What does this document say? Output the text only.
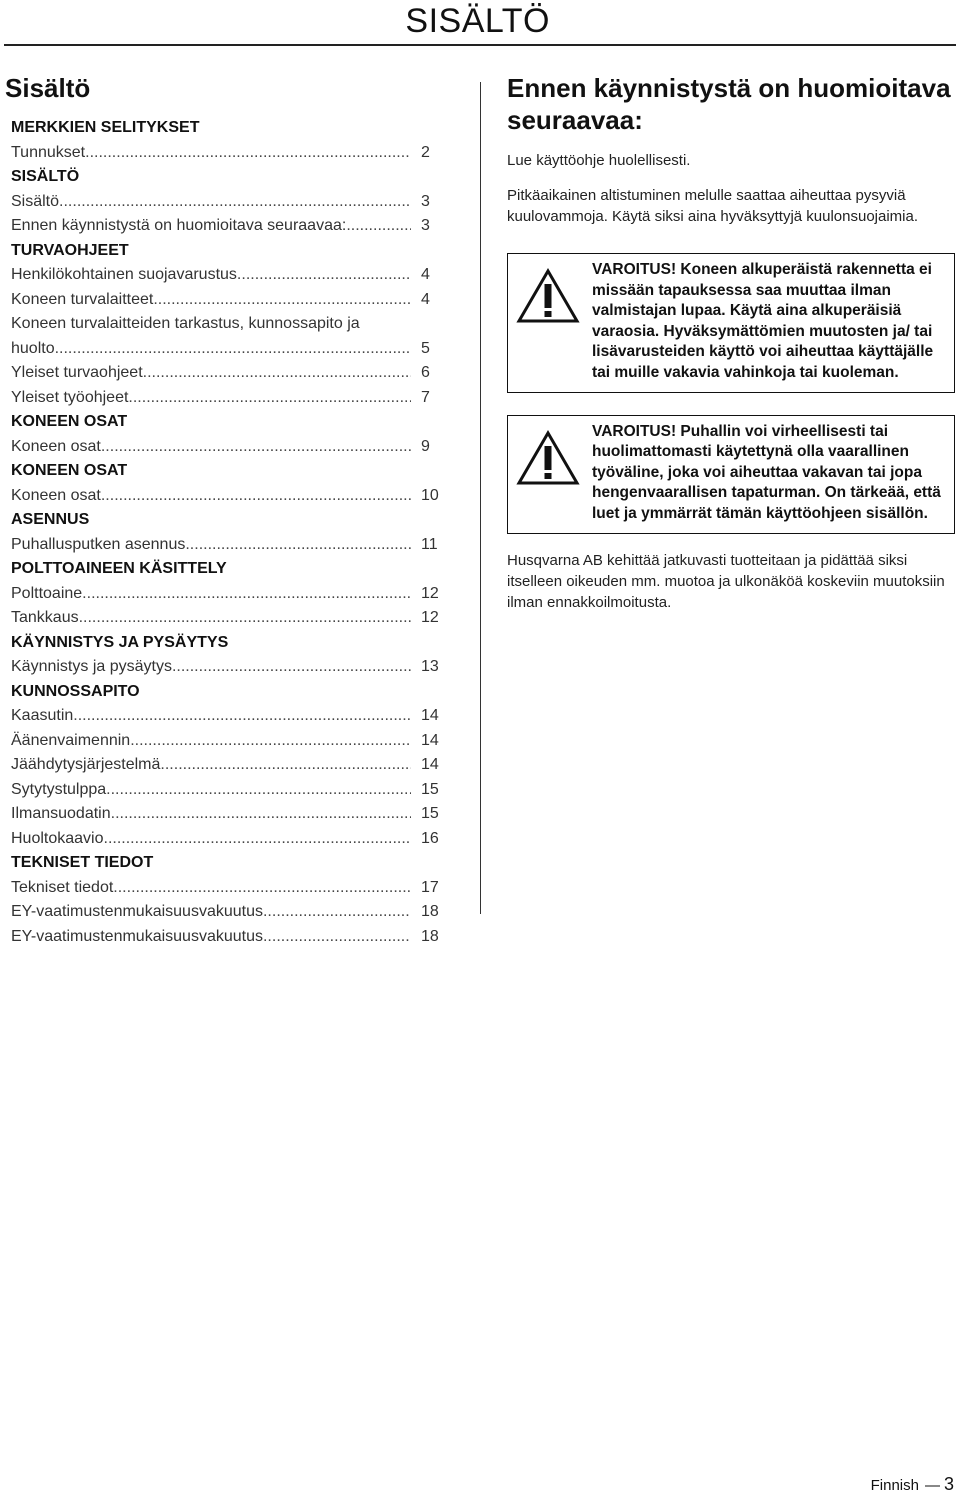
SISÄLTÖ
Sisältö
MERKKIEN SELITYKSET
Tunnukset .....	2
SISÄLTÖ
Sisältö .....	3
Ennen käynnistystä on huomioitava seuraavaa: .....	3
TURVAOHJEET
Henkilökohtainen suojavarustus .....	4
Koneen turvalaitteet .....	4
Koneen turvalaitteiden tarkastus, kunnossapito ja
huolto .....	5
Yleiset turvaohjeet .....	6
Yleiset työohjeet .....	7
KONEEN OSAT
Koneen osat .....	9
KONEEN OSAT
Koneen osat .....	10
ASENNUS
Puhallusputken asennus .....	11
POLTTOAINEEN KÄSITTELY
Polttoaine .....	12
Tankkaus .....	12
KÄYNNISTYS JA PYSÄYTYS
Käynnistys ja pysäytys .....	13
KUNNOSSAPITO
Kaasutin .....	14
Äänenvaimennin .....	14
Jäähdytysjärjestelmä .....	14
Sytytystulppa .....	15
Ilmansuodatin .....	15
Huoltokaavio .....	16
TEKNISET TIEDOT
Tekniset tiedot .....	17
EY-vaatimustenmukaisuusvakuutus .....	18
EY-vaatimustenmukaisuusvakuutus .....	18
Ennen käynnistystä on huomioitava seuraavaa:

Lue käyttöohje huolellisesti.

Pitkäaikainen altistuminen melulle saattaa aiheuttaa pysyviä kuulovammoja. Käytä siksi aina hyväksyttyjä kuulonsuojaimia.

VAROITUS! Koneen alkuperäistä rakennetta ei missään tapauksessa saa muuttaa ilman valmistajan lupaa. Käytä aina alkuperäisiä varaosia. Hyväksymättömien muutosten ja/ tai lisävarusteiden käyttö voi aiheuttaa käyttäjälle tai muille vakavia vahinkoja tai kuoleman.
VAROITUS! Puhallin voi virheellisesti tai huolimattomasti käytettynä olla vaarallinen työväline, joka voi aiheuttaa vakavan tai jopa hengenvaarallisen tapaturman. On tärkeää, että luet ja ymmärrät tämän käyttöohjeen sisällön.

Husqvarna AB kehittää jatkuvasti tuotteitaan ja pidättää siksi itselleen oikeuden mm. muotoa ja ulkonäköä koskeviin muutoksiin ilman ennakkoilmoitusta.

Finnish — 3
